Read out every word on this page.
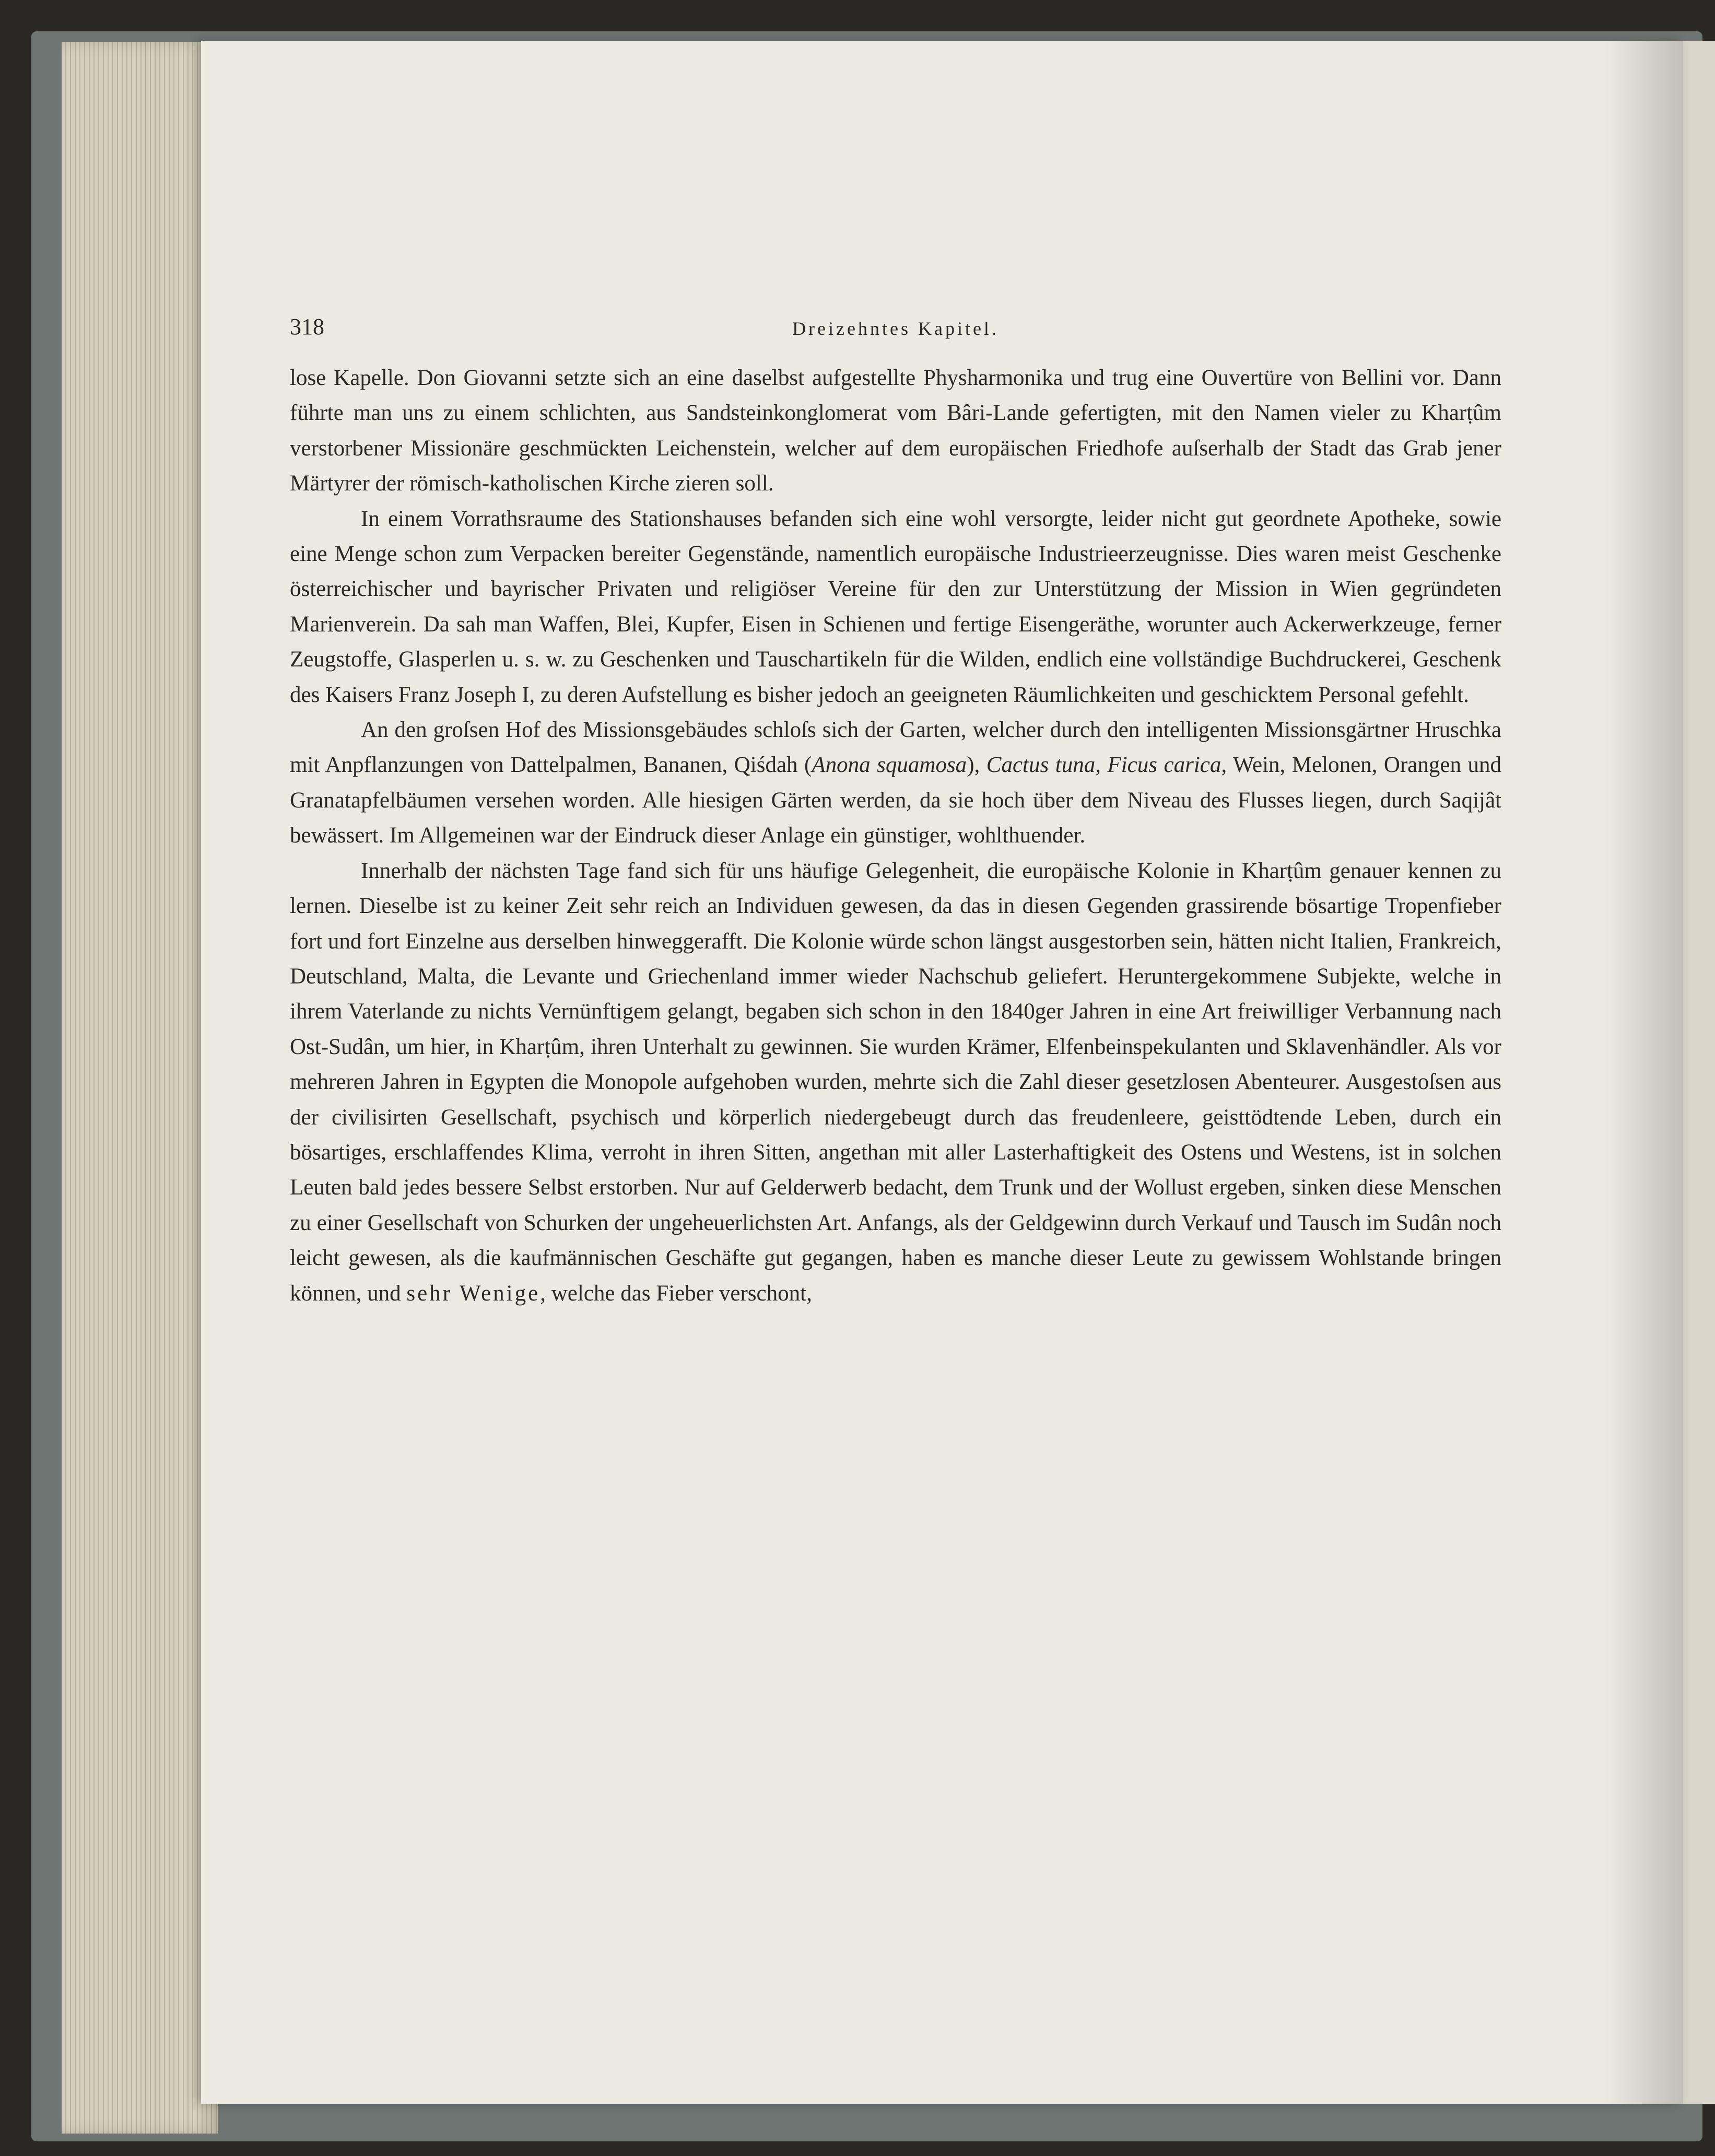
318	Dreizehntes Kapitel.

lose Kapelle. Don Giovanni setzte sich an eine daselbst aufgestellte Physharmonika und trug eine Ouvertüre von Bellini vor. Dann führte man uns zu einem schlichten, aus Sandsteinkonglomerat vom Bâri-Lande gefertigten, mit den Namen vieler zu Kharṭûm verstorbener Missionäre geschmückten Leichenstein, welcher auf dem europäischen Friedhofe auſserhalb der Stadt das Grab jener Märtyrer der römisch-katholischen Kirche zieren soll.

In einem Vorrathsraume des Stationshauses befanden sich eine wohl versorgte, leider nicht gut geordnete Apotheke, sowie eine Menge schon zum Verpacken bereiter Gegenstände, namentlich europäische Industrieerzeugnisse. Dies waren meist Geschenke österreichischer und bayrischer Privaten und religiöser Vereine für den zur Unterstützung der Mission in Wien gegründeten Marienverein. Da sah man Waffen, Blei, Kupfer, Eisen in Schienen und fertige Eisengeräthe, worunter auch Ackerwerkzeuge, ferner Zeugstoffe, Glasperlen u. s. w. zu Geschenken und Tauschartikeln für die Wilden, endlich eine vollständige Buchdruckerei, Geschenk des Kaisers Franz Joseph I, zu deren Aufstellung es bisher jedoch an geeigneten Räumlichkeiten und geschicktem Personal gefehlt.

An den groſsen Hof des Missionsgebäudes schloſs sich der Garten, welcher durch den intelligenten Missionsgärtner Hruschka mit Anpflanzungen von Dattelpalmen, Bananen, Qiśdah (Anona squamosa), Cactus tuna, Ficus carica, Wein, Melonen, Orangen und Granatapfelbäumen versehen worden. Alle hiesigen Gärten werden, da sie hoch über dem Niveau des Flusses liegen, durch Saqijât bewässert. Im Allgemeinen war der Eindruck dieser Anlage ein günstiger, wohlthuender.

Innerhalb der nächsten Tage fand sich für uns häufige Gelegenheit, die europäische Kolonie in Kharṭûm genauer kennen zu lernen. Dieselbe ist zu keiner Zeit sehr reich an Individuen gewesen, da das in diesen Gegenden grassirende bösartige Tropenfieber fort und fort Einzelne aus derselben hinweggerafft. Die Kolonie würde schon längst ausgestorben sein, hätten nicht Italien, Frankreich, Deutschland, Malta, die Levante und Griechenland immer wieder Nachschub geliefert. Heruntergekommene Subjekte, welche in ihrem Vaterlande zu nichts Vernünftigem gelangt, begaben sich schon in den 1840ger Jahren in eine Art freiwilliger Verbannung nach Ost-Sudân, um hier, in Kharṭûm, ihren Unterhalt zu gewinnen. Sie wurden Krämer, Elfenbeinspekulanten und Sklavenhändler. Als vor mehreren Jahren in Egypten die Monopole aufgehoben wurden, mehrte sich die Zahl dieser gesetzlosen Abenteurer. Ausgestoſsen aus der civilisirten Gesellschaft, psychisch und körperlich niedergebeugt durch das freudenleere, geisttödtende Leben, durch ein bösartiges, erschlaffendes Klima, verroht in ihren Sitten, angethan mit aller Lasterhaftigkeit des Ostens und Westens, ist in solchen Leuten bald jedes bessere Selbst erstorben. Nur auf Gelderwerb bedacht, dem Trunk und der Wollust ergeben, sinken diese Menschen zu einer Gesellschaft von Schurken der ungeheuerlichsten Art. Anfangs, als der Geldgewinn durch Verkauf und Tausch im Sudân noch leicht gewesen, als die kaufmännischen Geschäfte gut gegangen, haben es manche dieser Leute zu gewissem Wohlstande bringen können, und sehr Wenige, welche das Fieber verschont,
